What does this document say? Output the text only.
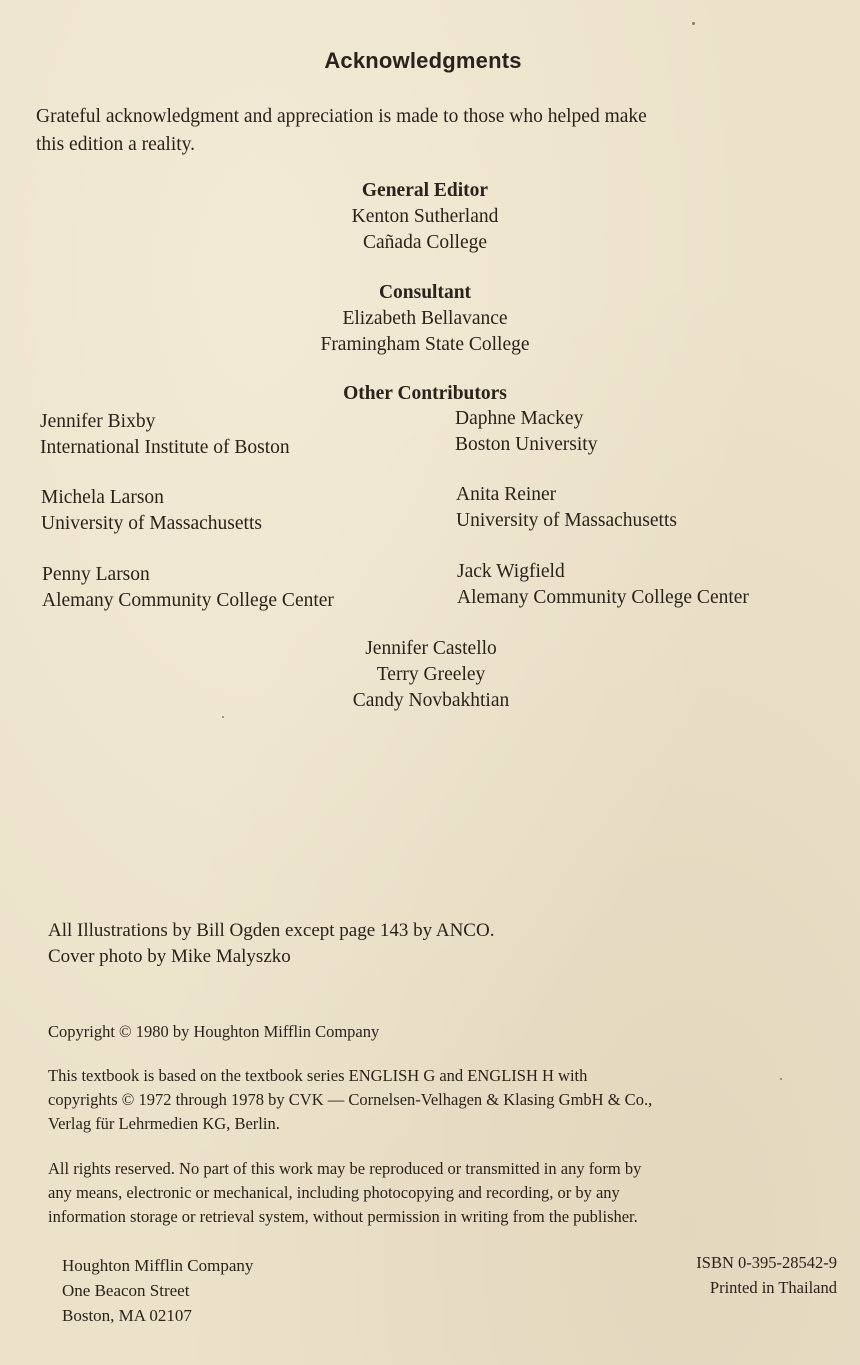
Acknowledgments
Grateful acknowledgment and appreciation is made to those who helped make
this edition a reality.
General Editor
Kenton Sutherland
Cañada College
Consultant
Elizabeth Bellavance
Framingham State College
Other Contributors
Jennifer Bixby
International Institute of Boston
Michela Larson
University of Massachusetts
Penny Larson
Alemany Community College Center
Daphne Mackey
Boston University
Anita Reiner
University of Massachusetts
Jack Wigfield
Alemany Community College Center
Jennifer Castello
Terry Greeley
Candy Novbakhtian
All Illustrations by Bill Ogden except page 143 by ANCO.
Cover photo by Mike Malyszko
Copyright © 1980 by Houghton Mifflin Company
This textbook is based on the textbook series ENGLISH G and ENGLISH H with
copyrights © 1972 through 1978 by CVK — Cornelsen-Velhagen & Klasing GmbH & Co.,
Verlag für Lehrmedien KG, Berlin.
All rights reserved. No part of this work may be reproduced or transmitted in any form by
any means, electronic or mechanical, including photocopying and recording, or by any
information storage or retrieval system, without permission in writing from the publisher.
Houghton Mifflin Company
One Beacon Street
Boston, MA 02107
ISBN 0-395-28542-9
Printed in Thailand
